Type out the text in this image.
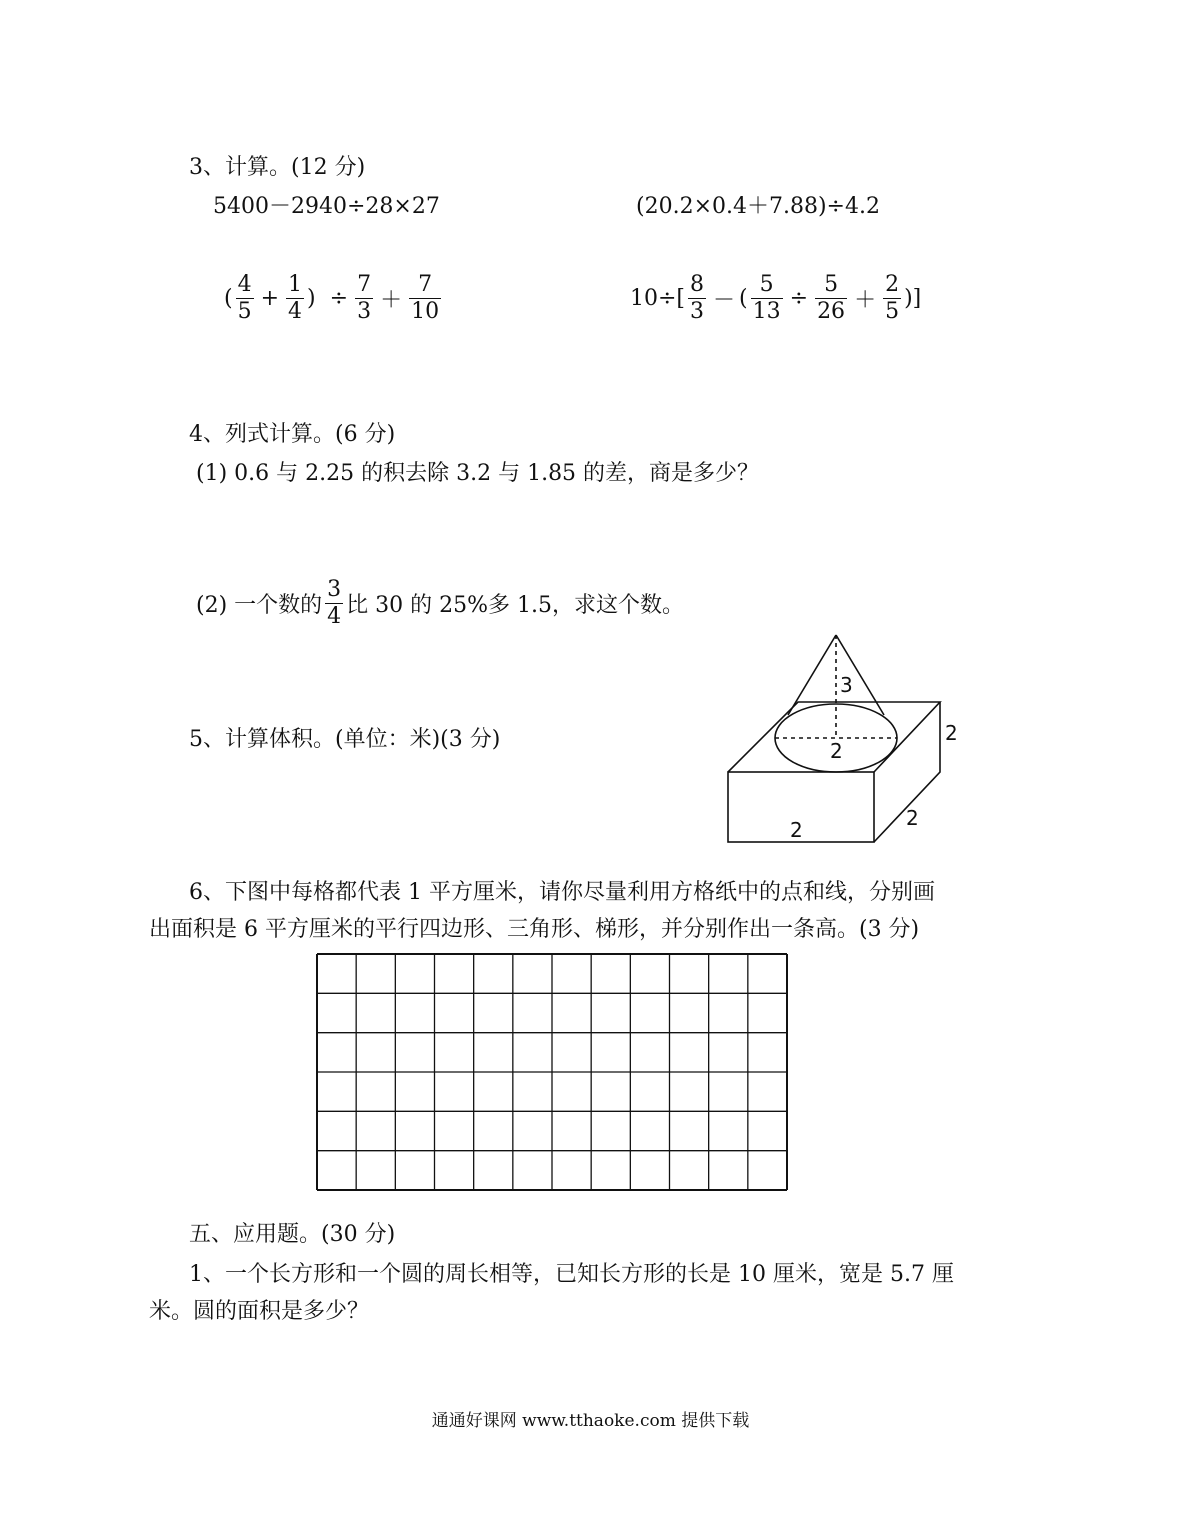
3、计算。(12 分)
5400－2940÷28×27	(20.2×0.4＋7.88)÷4.2
( $\frac{4}{5} + \frac{1}{4}$ ) ÷ $\frac{7}{3} + \frac{7}{10}$	$10\div[ \frac{8}{3}$ － ( $\frac{5}{13} \div \frac{5}{26} + \frac{2}{5}$ )]
4、列式计算。(6 分)
(1) 0.6 与 2.25 的积去除 3.2 与 1.85 的差，商是多少？
(2) 一个数的 $\frac{3}{4}$ 比 30 的 25%多 1.5，求这个数。
5、计算体积。(单位：米)(3 分)
3
2
2
2	2
6、下图中每格都代表 1 平方厘米，请你尽量利用方格纸中的点和线，分别画
出面积是 6 平方厘米的平行四边形、三角形、梯形，并分别作出一条高。(3 分)
五、应用题。(30 分)
1、一个长方形和一个圆的周长相等，已知长方形的长是 10 厘米，宽是 5.7 厘
米。圆的面积是多少？
通通好课网 www.tthaoke.com 提供下载
